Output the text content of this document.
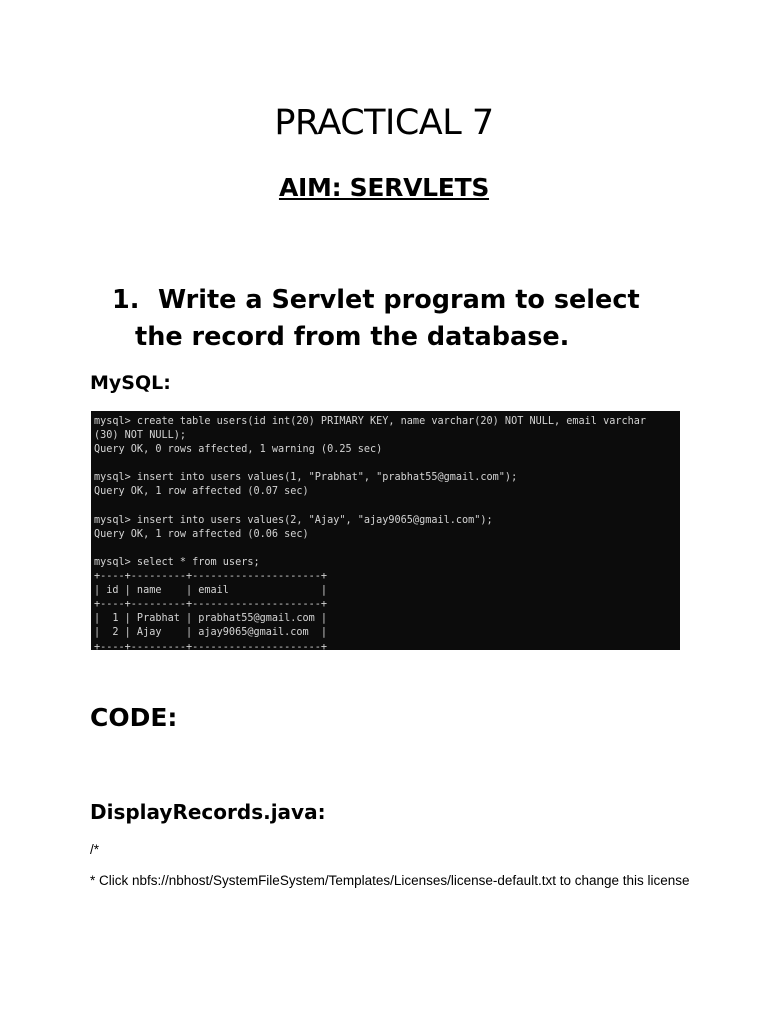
PRACTICAL 7
AIM: SERVLETS

1. Write a Servlet program to select
the record from the database.

MySQL:

mysql> create table users(id int(20) PRIMARY KEY, name varchar(20) NOT NULL, email varchar
(30) NOT NULL);
Query OK, 0 rows affected, 1 warning (0.25 sec)

mysql> insert into users values(1, "Prabhat", "prabhat55@gmail.com");
Query OK, 1 row affected (0.07 sec)

mysql> insert into users values(2, "Ajay", "ajay9065@gmail.com");
Query OK, 1 row affected (0.06 sec)

mysql> select * from users;
+----+---------+---------------------+
| id | name    | email               |
+----+---------+---------------------+
|  1 | Prabhat | prabhat55@gmail.com |
|  2 | Ajay    | ajay9065@gmail.com  |
+----+---------+---------------------+

CODE:

DisplayRecords.java:

/*

* Click nbfs://nbhost/SystemFileSystem/Templates/Licenses/license-default.txt to change this license
